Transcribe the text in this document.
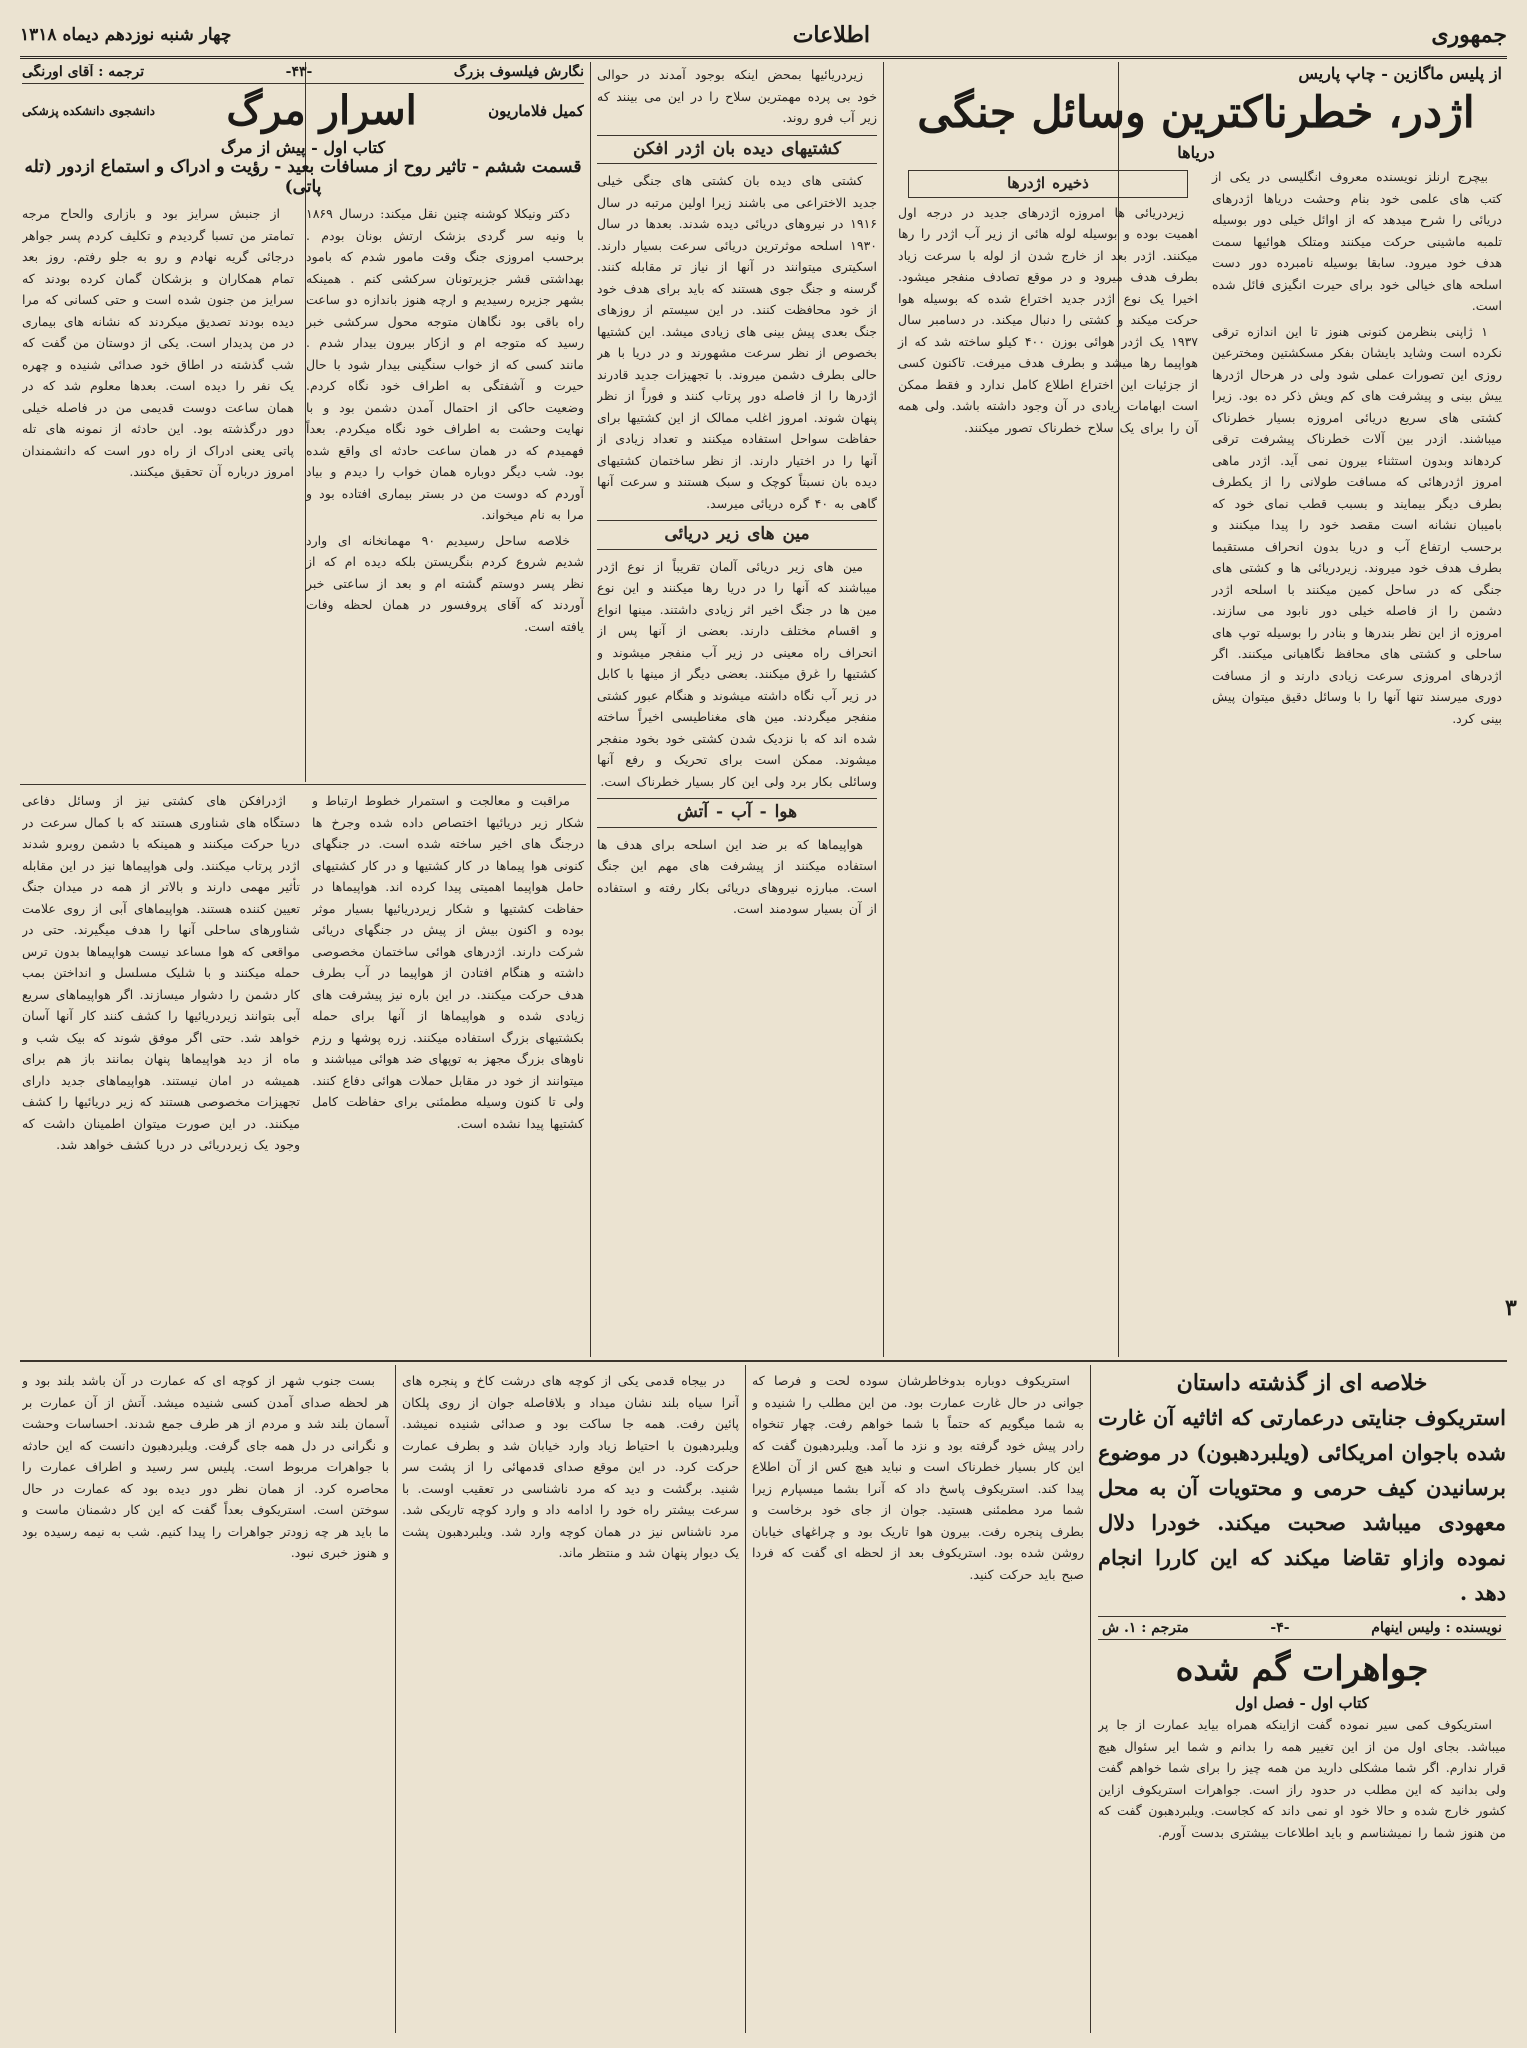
جمهوری
اطلاعات
چهار شنبه نوزدهم دیماه ۱۳۱۸
از پلیس ماگازین - چاپ پاریس
اژدر، خطرناکترین وسائل جنگی
دریاها

بیچرج ارنلز نویسنده معروف انگلیسی در یکی از کتب های علمی خود بنام وحشت دریاها اژدرهای دریائی را شرح میدهد که از اوائل خیلی دور بوسیله تلمبه ماشینی حرکت میکنند ومتلک هوائیها سمت هدف خود میرود. سابقا بوسیله نامبرده دور دست اسلحه های خیالی خود برای حیرت انگیزی فائل شده است.

۱ ژاپنی بنظرمن کنونی هنوز تا این اندازه ترقی نکرده است وشاید بایشان بفکر مسکشتین ومخترعین روزی این تصورات عملی شود ولی در هرحال اژدرها ییش بینی و پیشرفت های کم ویش ذکر ده بود. زیرا کشتی های سریع دریائی امروزه بسیار خطرناک میباشند. ازدر بین آلات خطرناک پیشرفت ترقی کردهاند وبدون استثناء بیرون نمی آید. اژدر ماهی امروز اژدرهائی که مسافت طولانی را از یکطرف بطرف دیگر بیمایند و بسبب قطب نمای خود که بامیبان نشانه است مقصد خود را پیدا میکنند و برحسب ارتفاع آب و دریا بدون انحراف مستقیما بطرف هدف خود میروند. زیردریائی ها و کشتی های جنگی که در ساحل کمین میکنند با اسلحه اژدر دشمن را از فاصله خیلی دور نابود می سازند. امروزه از این نظر بندرها و بنادر را بوسیله توپ های ساحلی و کشتی های محافظ نگاهبانی میکنند. اگر اژدرهای امروزی سرعت زیادی دارند و از مسافت دوری میرسند تنها آنها را با وسائل دقیق میتوان پیش بینی کرد.

ذخیره اژدرها

زیردریائی ها امروزه اژدرهای جدید در درجه اول اهمیت بوده و بوسیله لوله هائی از زیر آب اژدر را رها میکنند. اژدر بعد از خارج شدن از لوله با سرعت زیاد بطرف هدف میرود و در موقع تصادف منفجر میشود. اخیرا یک نوع اژدر جدید اختراع شده که بوسیله هوا حرکت میکند و کشتی را دنبال میکند. در دسامبر سال ۱۹۳۷ یک اژدر هوائی بوزن ۴۰۰ کیلو ساخته شد که از هواپیما رها میشد و بطرف هدف میرفت. تاکنون کسی از جزئیات این اختراع اطلاع کامل ندارد و فقط ممکن است ابهامات زیادی در آن وجود داشته باشد. ولی همه آن را برای یک سلاح خطرناک تصور میکنند.

زیردریائیها بمحض اینکه بوجود آمدند در حوالی خود بی پرده مهمترین سلاح را در این می بینند که زیر آب فرو روند.

کشتیهای دیده بان اژدر افکن

کشتی های دیده بان کشتی های جنگی خیلی جدید الاختراعی می باشند زیرا اولین مرتبه در سال ۱۹۱۶ در نیروهای دریائی دیده شدند. بعدها در سال ۱۹۳۰ اسلحه موثرترین دریائی سرعت بسیار دارند. اسکیتری میتوانند در آنها از نیاز تر مقابله کنند. گرسنه و جنگ جوی هستند که باید برای هدف خود از خود محافظت کنند. در این سیستم از روزهای جنگ بعدی پیش بینی های زیادی میشد. این کشتیها بخصوص از نظر سرعت مشهورند و در دریا با هر حالی بطرف دشمن میروند. با تجهیزات جدید قادرند اژدرها را از فاصله دور پرتاب کنند و فوراً از نظر پنهان شوند. امروز اغلب ممالک از این کشتیها برای حفاظت سواحل استفاده میکنند و تعداد زیادی از آنها را در اختیار دارند. از نظر ساختمان کشتیهای دیده بان نسبتاً کوچک و سبک هستند و سرعت آنها گاهی به ۴۰ گره دریائی میرسد.

مین های زیر دریائی

مین های زیر دریائی آلمان تقریباً از نوع اژدر میباشند که آنها را در دریا رها میکنند و این نوع مین ها در جنگ اخیر اثر زیادی داشتند. مینها انواع و اقسام مختلف دارند. بعضی از آنها پس از انحراف راه معینی در زیر آب منفجر میشوند و کشتیها را غرق میکنند. بعضی دیگر از مینها با کابل در زیر آب نگاه داشته میشوند و هنگام عبور کشتی منفجر میگردند. مین های مغناطیسی اخیراً ساخته شده اند که با نزدیک شدن کشتی خود بخود منفجر میشوند. ممکن است برای تحریک و رفع آنها وسائلی بکار برد ولی این کار بسیار خطرناک است.

هوا - آب - آتش

هواپیماها که بر ضد این اسلحه برای هدف ها استفاده میکنند از پیشرفت های مهم این جنگ است. مبارزه نیروهای دریائی بکار رفته و استفاده از آن بسیار سودمند است.

نگارش فیلسوف بزرگ
-۴۳-
ترجمه : آقای اورنگی
کمیل فلاماریون
اسرار مرگ
دانشجوی دانشکده پزشکی
کتاب اول - پیش از مرگ
قسمت ششم - تاثیر روح از مسافات بعید - رؤیت و ادراک و استماع ازدور (تله پاتی)

دکتر ونیکلا کوشنه چنین نقل میکند: درسال ۱۸۶۹ با ونیه سر گردی بزشک ارتش بونان بودم . برحسب امروزی جنگ وقت مامور شدم که بامود بهداشتی قشر جزیرتونان سرکشی کنم . همینکه بشهر جزیره رسیدیم و ارچه هنوز باندازه دو ساعت راه باقی بود نگاهان متوجه محول سرکشی خبر رسید که متوجه ام و ازکار بیرون بیدار شدم . مانند کسی که از خواب سنگینی بیدار شود با حال حیرت و آشفتگی به اطراف خود نگاه کردم. وضعیت حاکی از احتمال آمدن دشمن بود و با نهایت وحشت به اطراف خود نگاه میکردم. بعداً فهمیدم که در همان ساعت حادثه ای واقع شده بود. شب دیگر دوباره همان خواب را دیدم و بیاد آوردم که دوست من در بستر بیماری افتاده بود و مرا به نام میخواند.

خلاصه ساحل رسیدیم ۹۰ مهمانخانه ای وارد شدیم شروع کردم بنگریستن بلکه دیده ام که از نظر پسر دوستم گشته ام و بعد از ساعتی خبر آوردند که آقای پروفسور در همان لحظه وفات یافته است.

از جنبش سرایز بود و بازاری والحاح مرجه تمامتر من تسبا گردیدم و تکلیف کردم پسر جواهر درجائی گریه نهادم و رو به جلو رفتم. روز بعد تمام همکاران و بزشکان گمان کرده بودند که سرایز من جنون شده است و حتی کسانی که مرا دیده بودند تصدیق میکردند که نشانه های بیماری در من پدیدار است. یکی از دوستان من گفت که شب گذشته در اطاق خود صدائی شنیده و چهره یک نفر را دیده است. بعدها معلوم شد که در همان ساعت دوست قدیمی من در فاصله خیلی دور درگذشته بود. این حادثه از نمونه های تله پاتی یعنی ادراک از راه دور است که دانشمندان امروز درباره آن تحقیق میکنند.

مراقبت و معالجت و استمرار خطوط ارتباط و شکار زیر دریائیها اختصاص داده شده وجرخ ها درجنگ های اخیر ساخته شده است. در جنگهای کنونی هوا پیماها در کار کشتیها و در کار کشتیهای حامل هواپیما اهمیتی پیدا کرده اند. هواپیماها در حفاظت کشتیها و شکار زیردریائیها بسیار موثر بوده و اکنون بیش از پیش در جنگهای دریائی شرکت دارند. اژدرهای هوائی ساختمان مخصوصی داشته و هنگام افتادن از هواپیما در آب بطرف هدف حرکت میکنند. در این باره نیز پیشرفت های زیادی شده و هواپیماها از آنها برای حمله بکشتیهای بزرگ استفاده میکنند. زره پوشها و رزم ناوهای بزرگ مجهز به توپهای ضد هوائی میباشند و میتوانند از خود در مقابل حملات هوائی دفاع کنند. ولی تا کنون وسیله مطمئنی برای حفاظت کامل کشتیها پیدا نشده است.

اژدرافکن های کشتی نیز از وسائل دفاعی دستگاه های شناوری هستند که با کمال سرعت در دریا حرکت میکنند و همینکه با دشمن روبرو شدند اژدر پرتاب میکنند. ولی هواپیماها نیز در این مقابله تأثیر مهمی دارند و بالاتر از همه در میدان جنگ تعیین کننده هستند. هواپیماهای آبی از روی علامت شناورهای ساحلی آنها را هدف میگیرند. حتی در مواقعی که هوا مساعد نیست هواپیماها بدون ترس حمله میکنند و با شلیک مسلسل و انداختن بمب کار دشمن را دشوار میسازند. اگر هواپیماهای سریع آبی بتوانند زیردریائیها را کشف کنند کار آنها آسان خواهد شد. حتی اگر موفق شوند که بیک شب و ماه از دید هواپیماها پنهان بمانند باز هم برای همیشه در امان نیستند. هواپیماهای جدید دارای تجهیزات مخصوصی هستند که زیر دریائیها را کشف میکنند. در این صورت میتوان اطمینان داشت که وجود یک زیردریائی در دریا کشف خواهد شد.

خلاصه ای از گذشته داستان
استریکوف جنایتی درعمارتی که اثاثیه آن غارت شده باجوان امریکائی (ویلبردهبون) در موضوع برسانیدن کیف حرمی و محتویات آن به محل معهودی میباشد صحبت میکند. خودرا دلال نموده وازاو تقاضا میکند که این کاررا انجام دهد .
نویسنده : ولیس اینهام
-۴-
مترجم : ۱. ش
جواهرات گم شده
کتاب اول - فصل اول

استریکوف کمی سیر نموده گفت ازاینکه همراه بیاید عمارت از جا پر میباشد. بجای اول من از این تغییر همه را بدانم و شما ایر سئوال هیچ قرار ندارم. اگر شما مشکلی دارید من همه چیز را برای شما خواهم گفت ولی بدانید که این مطلب در حدود راز است. جواهرات استریکوف ازاین کشور خارج شده و حالا خود او نمی داند که کجاست. ویلبردهبون گفت که من هنوز شما را نمیشناسم و باید اطلاعات بیشتری بدست آورم.

استریکوف دوباره بدوخاطرشان سوده لحت و فرصا که جوانی در حال غارت عمارت بود. من این مطلب را شنیده و به شما میگویم که حتماً با شما خواهم رفت. چهار تنخواه رادر پیش خود گرفته بود و نزد ما آمد. ویلبردهبون گفت که این کار بسیار خطرناک است و نباید هیچ کس از آن اطلاع پیدا کند. استریکوف پاسخ داد که آنرا بشما میسپارم زیرا شما مرد مطمئنی هستید. جوان از جای خود برخاست و بطرف پنجره رفت. بیرون هوا تاریک بود و چراغهای خیابان روشن شده بود. استریکوف بعد از لحظه ای گفت که فردا صبح باید حرکت کنید.

در بیجاه قدمی یکی از کوچه های درشت کاخ و پنجره های آنرا سیاه بلند نشان میداد و بلافاصله جوان از روی پلکان پائین رفت. همه جا ساکت بود و صدائی شنیده نمیشد. ویلبردهبون با احتیاط زیاد وارد خیابان شد و بطرف عمارت حرکت کرد. در این موقع صدای قدمهائی را از پشت سر شنید. برگشت و دید که مرد ناشناسی در تعقیب اوست. با سرعت بیشتر راه خود را ادامه داد و وارد کوچه تاریکی شد. مرد ناشناس نیز در همان کوچه وارد شد. ویلبردهبون پشت یک دیوار پنهان شد و منتظر ماند.

بست جنوب شهر از کوچه ای که عمارت در آن باشد بلند بود و هر لحظه صدای آمدن کسی شنیده میشد. آتش از آن عمارت بر آسمان بلند شد و مردم از هر طرف جمع شدند. احساسات وحشت و نگرانی در دل همه جای گرفت. ویلبردهبون دانست که این حادثه با جواهرات مربوط است. پلیس سر رسید و اطراف عمارت را محاصره کرد. از همان نظر دور دیده بود که عمارت در حال سوختن است. استریکوف بعداً گفت که این کار دشمنان ماست و ما باید هر چه زودتر جواهرات را پیدا کنیم. شب به نیمه رسیده بود و هنوز خبری نبود.

۳
